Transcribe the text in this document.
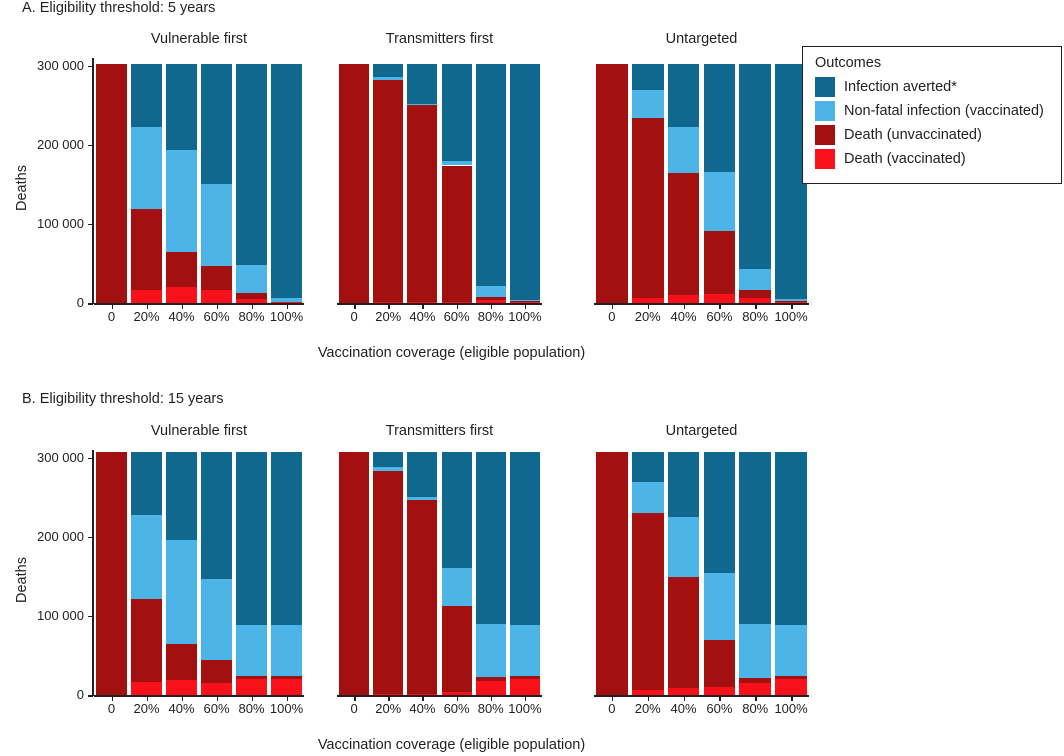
A. Eligibility threshold: 5 years
B. Eligibility threshold: 15 years
Deaths
0
100 000
200 000
300 000
Vulnerable first
0	20% 40% 60% 80% 100%
Transmitters first
0	20% 40% 60% 80% 100%
Untargeted
0	20% 40% 60% 80% 100%
Vaccination coverage (eligible population)
Deaths
0
100 000
200 000
300 000
Vulnerable first
0	20% 40% 60% 80% 100%
Transmitters first
0	20% 40% 60% 80% 100%
Untargeted
0	20% 40% 60% 80% 100%
Vaccination coverage (eligible population)
Outcomes
Infection averted*
Non-fatal infection (vaccinated)
Death (unvaccinated)
Death (vaccinated)
